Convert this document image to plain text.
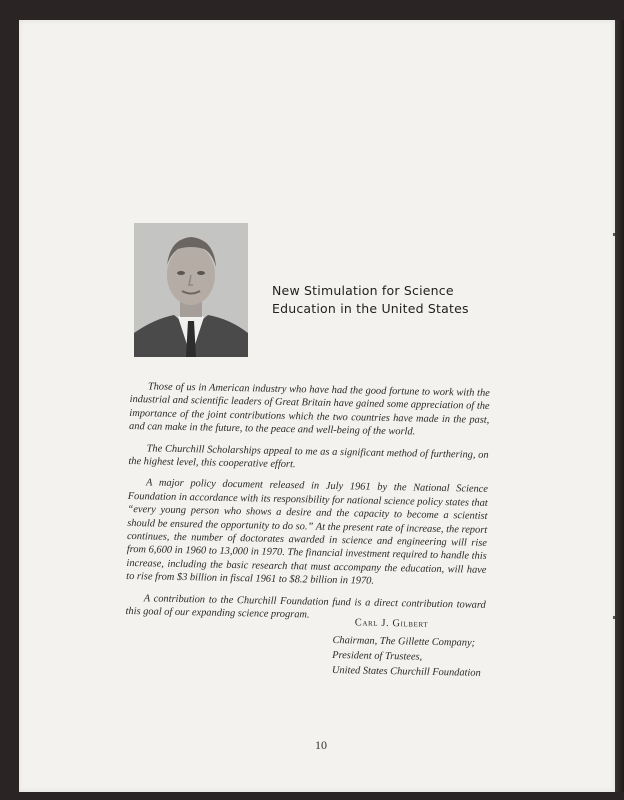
New Stimulation for Science
Education in the United States

Those of us in American industry who have had the good fortune to work with the industrial and scientific leaders of Great Britain have gained some appreciation of the importance of the joint contributions which the two countries have made in the past, and can make in the future, to the peace and well-being of the world.

The Churchill Scholarships appeal to me as a significant method of furthering, on the highest level, this cooperative effort.

A major policy document released in July 1961 by the National Science Foundation in accordance with its responsibility for national science policy states that “every young person who shows a desire and the capacity to become a scientist should be ensured the opportunity to do so.” At the present rate of increase, the report continues, the number of doctorates awarded in science and engineering will rise from 6,600 in 1960 to 13,000 in 1970. The financial investment required to handle this increase, including the basic research that must accompany the education, will have to rise from $3 billion in fiscal 1961 to $8.2 billion in 1970.

A contribution to the Churchill Foundation fund is a direct contribution toward this goal of our expanding science program.

Carl J. Gilbert
Chairman, The Gillette Company;
President of Trustees,
United States Churchill Foundation
10
